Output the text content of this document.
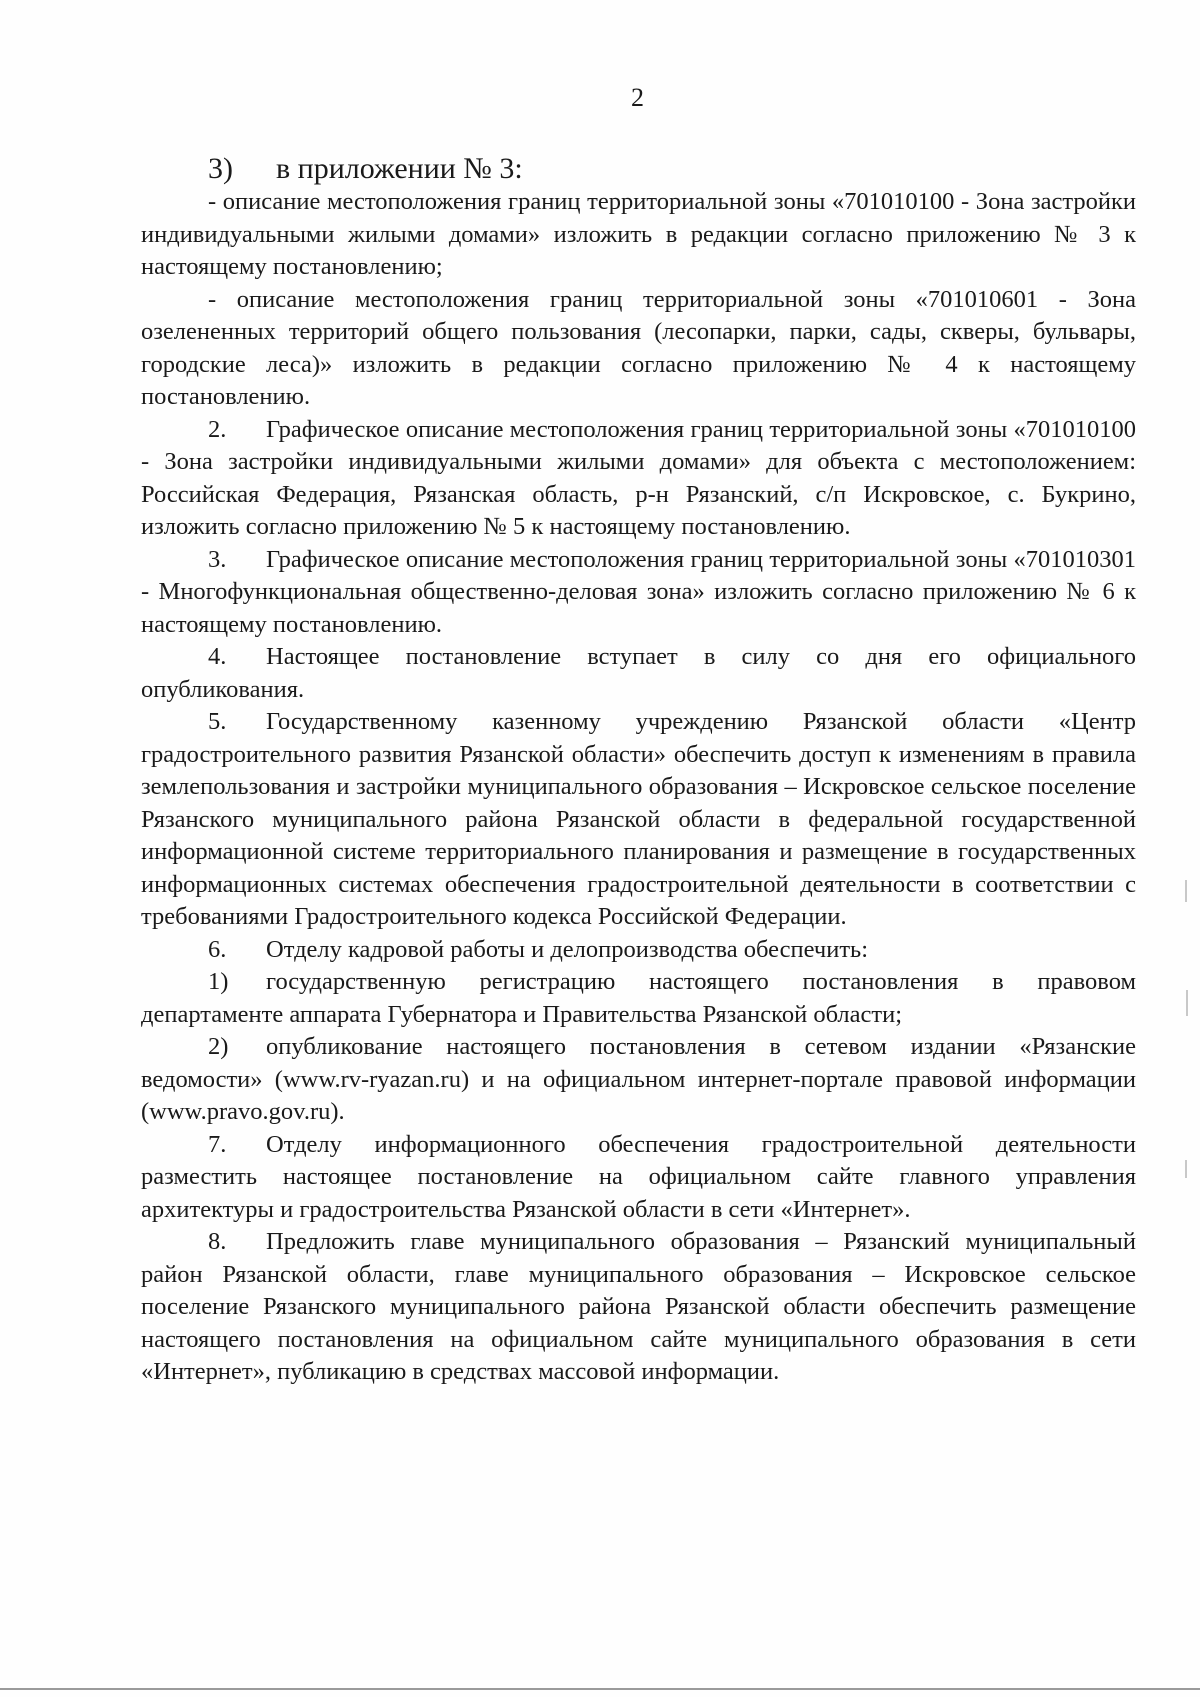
2

3) в приложении № 3:

- описание местоположения границ территориальной зоны «701010100 - Зона застройки индивидуальными жилыми домами» изложить в редакции согласно приложению № 3 к настоящему постановлению;

- описание местоположения границ территориальной зоны «701010601 - Зона озелененных территорий общего пользования (лесопарки, парки, сады, скверы, бульвары, городские леса)» изложить в редакции согласно приложению № 4 к настоящему постановлению.

2. Графическое описание местоположения границ территориальной зоны «701010100 - Зона застройки индивидуальными жилыми домами» для объекта с местоположением: Российская Федерация, Рязанская область, р-н Рязанский, с/п Искровское, с. Букрино, изложить согласно приложению № 5 к настоящему постановлению.

3. Графическое описание местоположения границ территориальной зоны «701010301 - Многофункциональная общественно-деловая зона» изложить согласно приложению № 6 к настоящему постановлению.

4. Настоящее постановление вступает в силу со дня его официального опубликования.

5. Государственному казенному учреждению Рязанской области «Центр градостроительного развития Рязанской области» обеспечить доступ к изменениям в правила землепользования и застройки муниципального образования – Искровское сельское поселение Рязанского муниципального района Рязанской области в федеральной государственной информационной системе территориального планирования и размещение в государственных информационных системах обеспечения градостроительной деятельности в соответствии с требованиями Градостроительного кодекса Российской Федерации.

6. Отделу кадровой работы и делопроизводства обеспечить:

1) государственную регистрацию настоящего постановления в правовом департаменте аппарата Губернатора и Правительства Рязанской области;

2) опубликование настоящего постановления в сетевом издании «Рязанские ведомости» (www.rv-ryazan.ru) и на официальном интернет-портале правовой информации (www.pravo.gov.ru).

7. Отделу информационного обеспечения градостроительной деятельности разместить настоящее постановление на официальном сайте главного управления архитектуры и градостроительства Рязанской области в сети «Интернет».

8. Предложить главе муниципального образования – Рязанский муниципальный район Рязанской области, главе муниципального образования – Искровское сельское поселение Рязанского муниципального района Рязанской области обеспечить размещение настоящего постановления на официальном сайте муниципального образования в сети «Интернет», публикацию в средствах массовой информации.
